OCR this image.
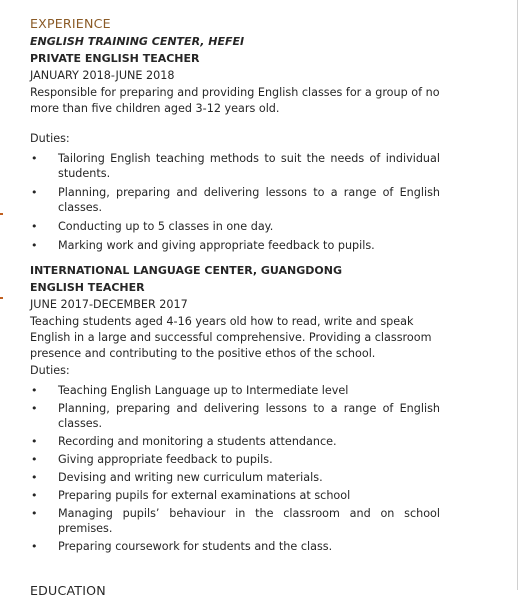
EXPERIENCE
ENGLISH TRAINING CENTER, HEFEI
PRIVATE ENGLISH TEACHER
JANUARY 2018-JUNE 2018
Responsible for preparing and providing English classes for a group of no more than five children aged 3-12 years old.
Duties:
• Tailoring English teaching methods to suit the needs of individual students.
• Planning, preparing and delivering lessons to a range of English classes.
• Conducting up to 5 classes in one day.
• Marking work and giving appropriate feedback to pupils.
INTERNATIONAL LANGUAGE CENTER, GUANGDONG
ENGLISH TEACHER
JUNE 2017-DECEMBER 2017
Teaching students aged 4-16 years old how to read, write and speak English in a large and successful comprehensive. Providing a classroom presence and contributing to the positive ethos of the school.
Duties:
• Teaching English Language up to Intermediate level
• Planning, preparing and delivering lessons to a range of English classes.
• Recording and monitoring a students attendance.
• Giving appropriate feedback to pupils.
• Devising and writing new curriculum materials.
• Preparing pupils for external examinations at school
• Managing pupils’ behaviour in the classroom and on school premises.
• Preparing coursework for students and the class.
EDUCATION
